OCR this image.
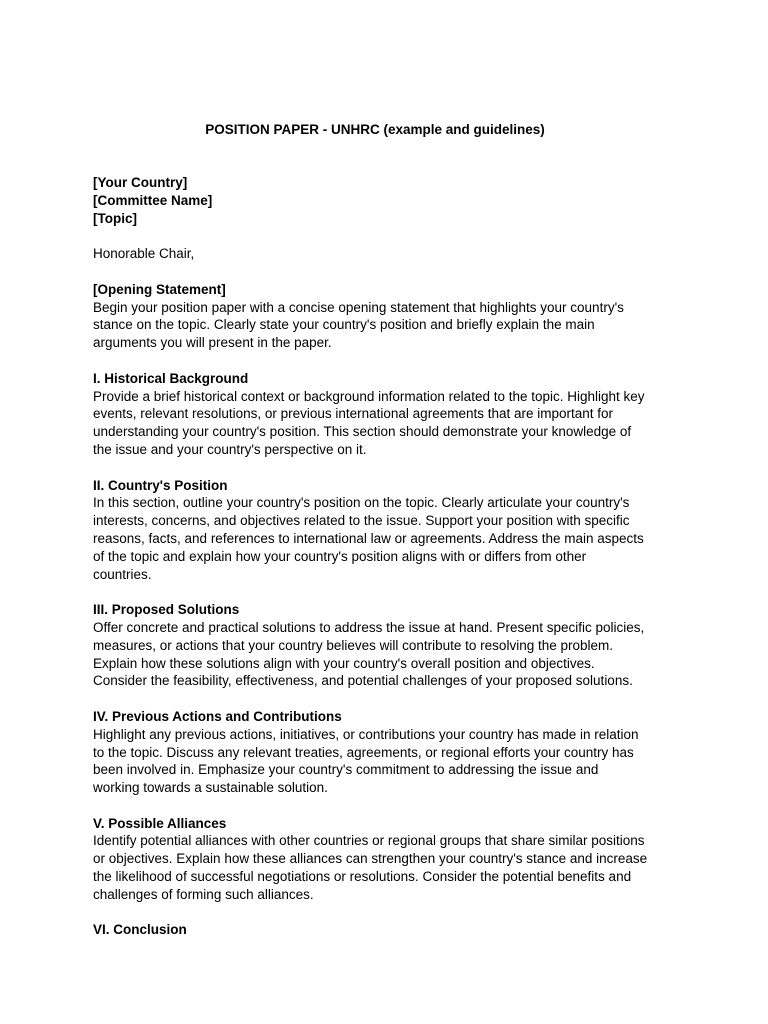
POSITION PAPER - UNHRC (example and guidelines)
[Your Country]
[Committee Name]
[Topic]
Honorable Chair,
[Opening Statement]
Begin your position paper with a concise opening statement that highlights your country's
stance on the topic. Clearly state your country's position and briefly explain the main
arguments you will present in the paper.
I. Historical Background
Provide a brief historical context or background information related to the topic. Highlight key
events, relevant resolutions, or previous international agreements that are important for
understanding your country's position. This section should demonstrate your knowledge of
the issue and your country's perspective on it.
II. Country's Position
In this section, outline your country's position on the topic. Clearly articulate your country's
interests, concerns, and objectives related to the issue. Support your position with specific
reasons, facts, and references to international law or agreements. Address the main aspects
of the topic and explain how your country's position aligns with or differs from other
countries.
III. Proposed Solutions
Offer concrete and practical solutions to address the issue at hand. Present specific policies,
measures, or actions that your country believes will contribute to resolving the problem.
Explain how these solutions align with your country's overall position and objectives.
Consider the feasibility, effectiveness, and potential challenges of your proposed solutions.
IV. Previous Actions and Contributions
Highlight any previous actions, initiatives, or contributions your country has made in relation
to the topic. Discuss any relevant treaties, agreements, or regional efforts your country has
been involved in. Emphasize your country's commitment to addressing the issue and
working towards a sustainable solution.
V. Possible Alliances
Identify potential alliances with other countries or regional groups that share similar positions
or objectives. Explain how these alliances can strengthen your country's stance and increase
the likelihood of successful negotiations or resolutions. Consider the potential benefits and
challenges of forming such alliances.
VI. Conclusion
